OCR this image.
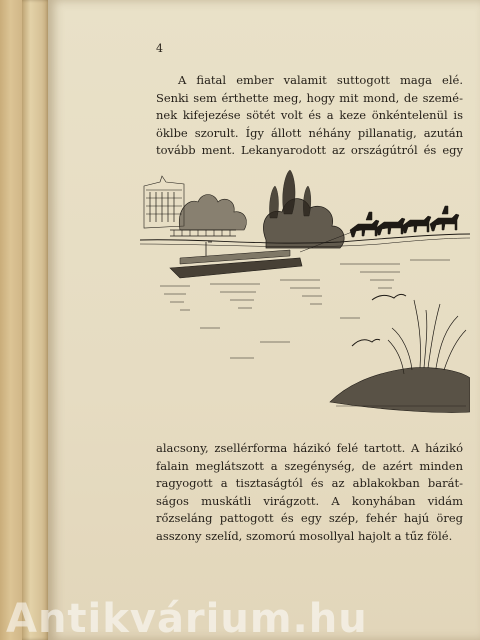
4
A fiatal ember valamit suttogott maga elé.
Senki sem érthette meg, hogy mit mond, de szemé-
nek kifejezése sötét volt és a keze önkéntelenül is
öklbe szorult. Így állott néhány pillanatig, azután
tovább ment. Lekanyarodott az országútról és egy
alacsony, zsellérforma házikó felé tartott. A házikó
falain meglátszott a szegénység, de azért minden
ragyogott a tisztaságtól és az ablakokban barát-
ságos muskátli virágzott. A konyhában vidám
rőzseláng pattogott és egy szép, fehér hajú öreg
asszony szelíd, szomorú mosollyal hajolt a tűz fölé.
Antikvárium.hu
